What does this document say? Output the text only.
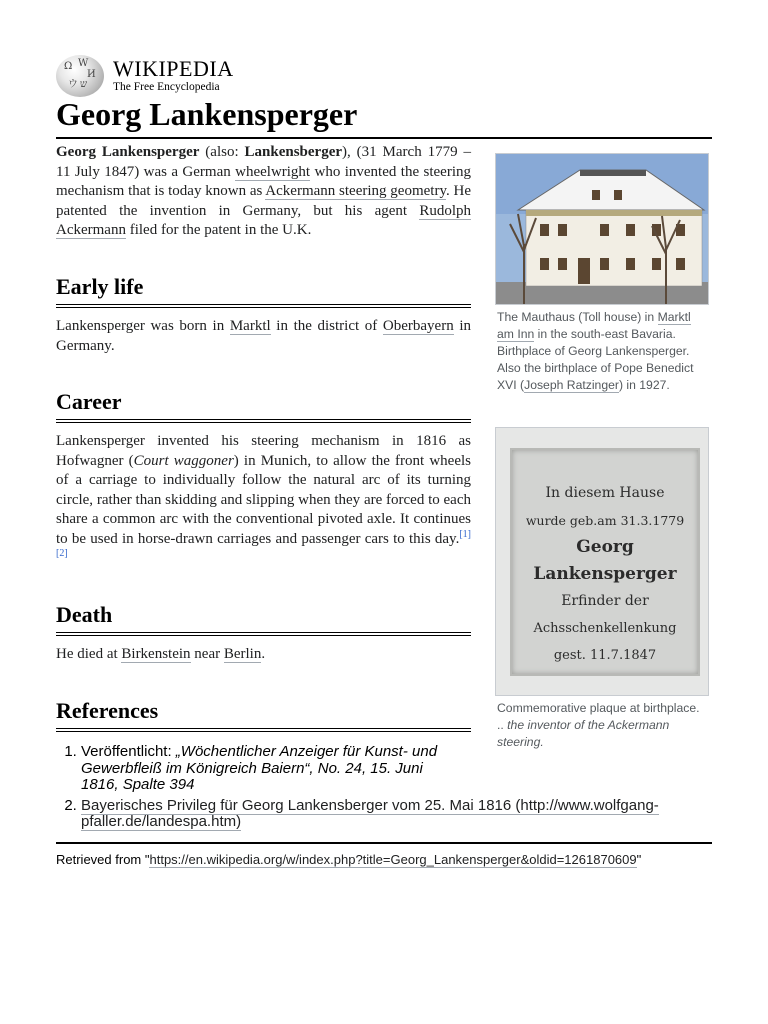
Ω W
И
ウ ש
WIKIPEDIA
The Free Encyclopedia
Georg Lankensperger

Georg Lankensperger (also: Lankensberger), (31 March 1779 – 11 July 1847) was a German wheelwright who invented the steering mechanism that is today known as Ackermann steering geometry. He patented the invention in Germany, but his agent Rudolph Ackermann filed for the patent in the U.K.

Early life

Lankensperger was born in Marktl in the district of Oberbayern in Germany.

Career

Lankensperger invented his steering mechanism in 1816 as Hofwagner (Court waggoner) in Munich, to allow the front wheels of a carriage to individually follow the natural arc of its turning circle, rather than skidding and slipping when they are forced to each share a common arc with the conventional pivoted axle. It continues to be used in horse-drawn carriages and passenger cars to this day.[1][2]

Death

He died at Birkenstein near Berlin.

References
1. Veröffentlicht: „Wöchentlicher Anzeiger für Kunst- und Gewerbfleiß im Königreich Baiern“, No. 24, 15. Juni 1816, Spalte 394
2. Bayerisches Privileg für Georg Lankensberger vom 25. Mai 1816 (http://www.wolfgang-pfaller.de/landespa.htm)
The Mauthaus (Toll house) in Marktl am Inn in the south-east Bavaria. Birthplace of Georg Lankensperger. Also the birthplace of Pope Benedict XVI (Joseph Ratzinger) in 1927.
In diesem Hause
wurde geb.am 31.3.1779
Georg Lankensperger
Erfinder der
Achsschenkellenkung
gest. 11.7.1847
Commemorative plaque at birthplace. .. the inventor of the Ackermann steering.
Retrieved from "https://en.wikipedia.org/w/index.php?title=Georg_Lankensperger&oldid=1261870609"
